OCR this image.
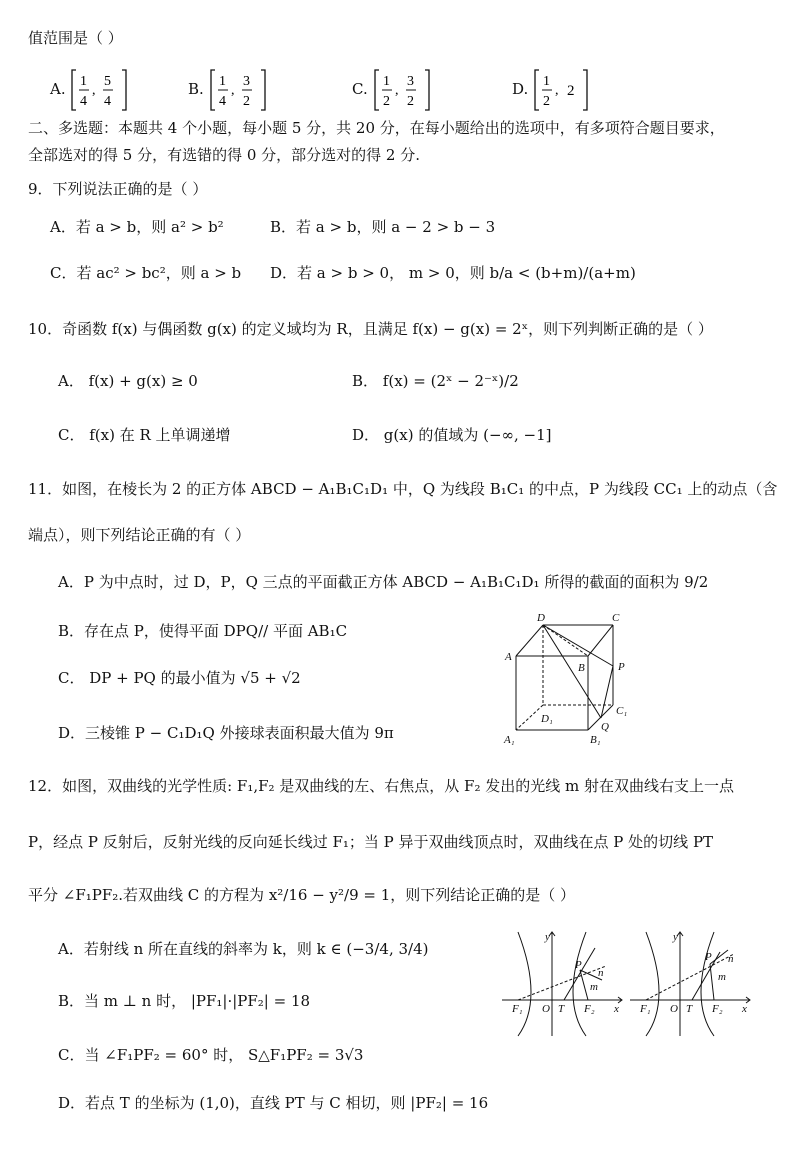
值范围是（ ）
A. 1
4
,
5
4
B. 1
4
,
3
2
C. 1
2
,
3
2
D. 1
2
, 2
二、多选题：本题共 4 个小题，每小题 5 分，共 20 分，在每小题给出的选项中，有多项符合题目要求，
全部选对的得 5 分，有选错的得 0 分，部分选对的得 2 分.
9．下列说法正确的是（ ）
A．若 a > b，则 a² > b²	B．若 a > b，则 a − 2 > b − 3
C．若 ac² > bc²，则 a > b D．若 a > b > 0， m > 0，则 b/a < (b+m)/(a+m)
10．奇函数 f(x) 与偶函数 g(x) 的定义域均为 R，且满足 f(x) − g(x) = 2ˣ，则下列判断正确的是（ ）
A． f(x) + g(x) ≥ 0	B． f(x) = (2ˣ − 2⁻ˣ)/2
C． f(x) 在 R 上单调递增	D． g(x) 的值域为 (−∞, −1]
11．如图，在棱长为 2 的正方体 ABCD − A₁B₁C₁D₁ 中，Q 为线段 B₁C₁ 的中点，P 为线段 CC₁ 上的动点（含
端点），则下列结论正确的有（ ）
A．P 为中点时，过 D，P，Q 三点的平面截正方体 ABCD − A₁B₁C₁D₁ 所得的截面的面积为 9/2
B．存在点 P，使得平面 DPQ// 平面 AB₁C
C． DP + PQ 的最小值为 √5 + √2
D．三棱锥 P − C₁D₁Q 外接球表面积最大值为 9π
D	C
A
B	P
D₁
C₁
Q
A₁	B₁
12．如图，双曲线的光学性质: F₁,F₂ 是双曲线的左、右焦点，从 F₂ 发出的光线 m 射在双曲线右支上一点
P，经点 P 反射后，反射光线的反向延长线过 F₁；当 P 异于双曲线顶点时，双曲线在点 P 处的切线 PT
平分 ∠F₁PF₂.若双曲线 C 的方程为 x²/16 − y²/9 = 1，则下列结论正确的是（ ）
A．若射线 n 所在直线的斜率为 k，则 k ∈ (−3/4, 3/4)
B．当 m ⊥ n 时， |PF₁|·|PF₂| = 18
C．当 ∠F₁PF₂ = 60° 时， S△F₁PF₂ = 3√3
D．若点 T 的坐标为 (1,0)，直线 PT 与 C 相切，则 |PF₂| = 16
y
P
n
m
F₁ O T F₂ x
y
P n
m
F₁ O T F₂ x
